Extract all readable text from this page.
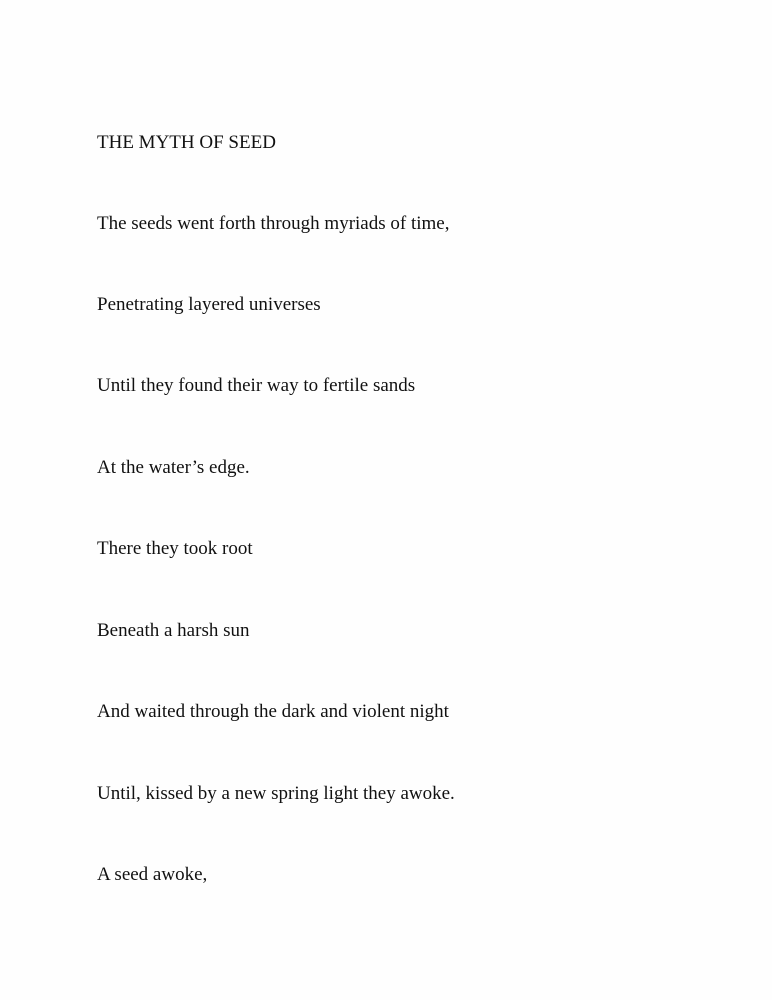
THE MYTH OF SEED

The seeds went forth through myriads of time,

Penetrating layered universes

Until they found their way to fertile sands

At the water’s edge.

There they took root

Beneath a harsh sun

And waited through the dark and violent night

Until, kissed by a new spring light they awoke.

A seed awoke,
